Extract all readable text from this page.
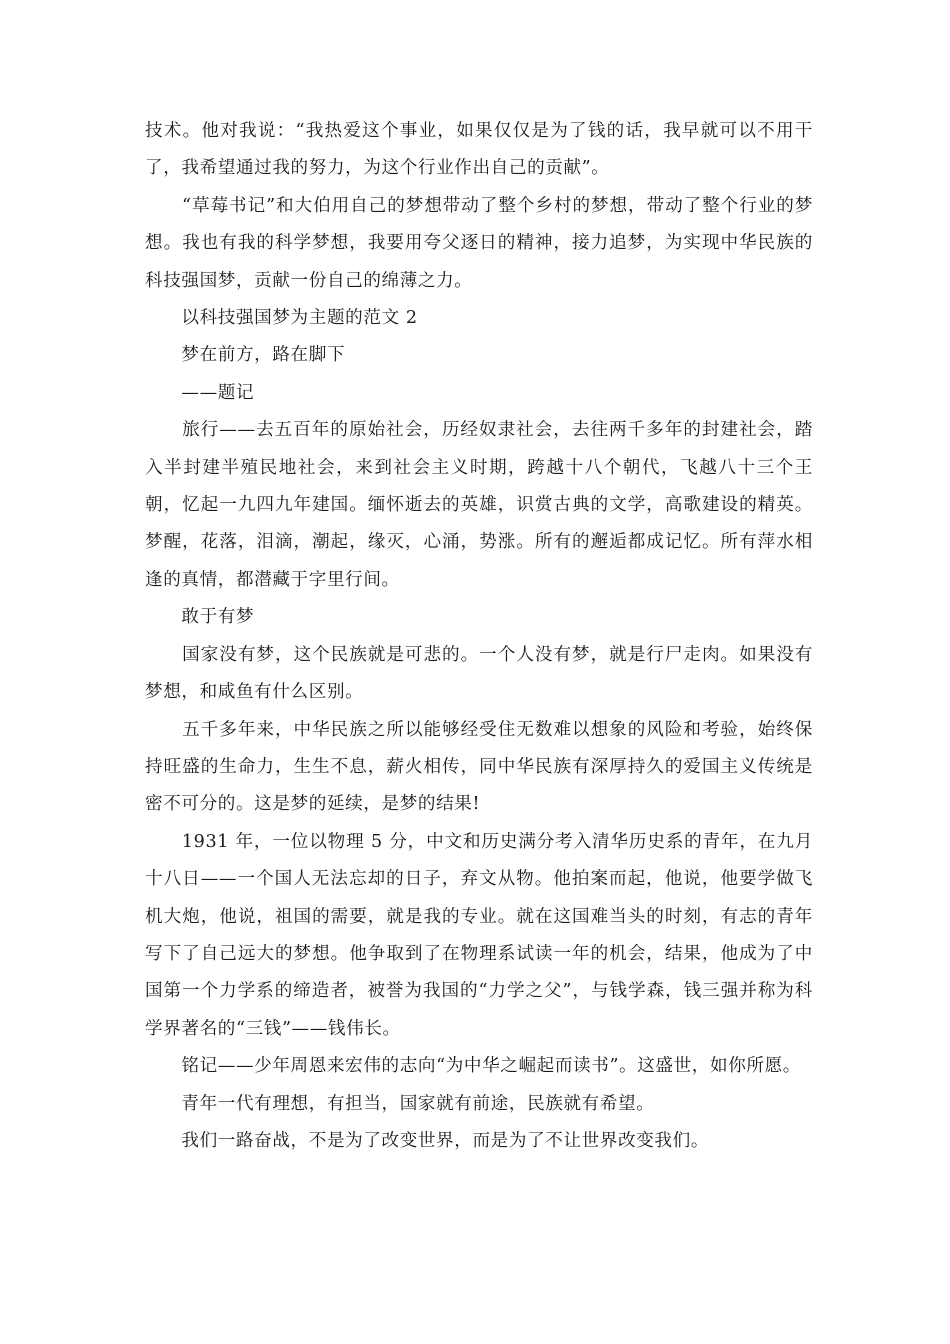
技术。他对我说：“我热爱这个事业，如果仅仅是为了钱的话，我早就可以不用干了，我希望通过我的努力，为这个行业作出自己的贡献”。

　　“草莓书记”和大伯用自己的梦想带动了整个乡村的梦想，带动了整个行业的梦想。我也有我的科学梦想，我要用夸父逐日的精神，接力追梦，为实现中华民族的科技强国梦，贡献一份自己的绵薄之力。

　　以科技强国梦为主题的范文 2

　　梦在前方，路在脚下

　　——题记

　　旅行——去五百年的原始社会，历经奴隶社会，去往两千多年的封建社会，踏入半封建半殖民地社会，来到社会主义时期，跨越十八个朝代，飞越八十三个王朝，忆起一九四九年建国。缅怀逝去的英雄，识赏古典的文学，高歌建设的精英。梦醒，花落，泪滴，潮起，缘灭，心涌，势涨。所有的邂逅都成记忆。所有萍水相逢的真情，都潜藏于字里行间。

　　敢于有梦

　　国家没有梦，这个民族就是可悲的。一个人没有梦，就是行尸走肉。如果没有梦想，和咸鱼有什么区别。

　　五千多年来，中华民族之所以能够经受住无数难以想象的风险和考验，始终保持旺盛的生命力，生生不息，薪火相传，同中华民族有深厚持久的爱国主义传统是密不可分的。这是梦的延续，是梦的结果!

　　1931 年，一位以物理 5 分，中文和历史满分考入清华历史系的青年，在九月十八日——一个国人无法忘却的日子，弃文从物。他拍案而起，他说，他要学做飞机大炮，他说，祖国的需要，就是我的专业。就在这国难当头的时刻，有志的青年写下了自己远大的梦想。他争取到了在物理系试读一年的机会，结果，他成为了中国第一个力学系的缔造者，被誉为我国的“力学之父”，与钱学森，钱三强并称为科学界著名的“三钱”——钱伟长。

　　铭记——少年周恩来宏伟的志向“为中华之崛起而读书”。这盛世，如你所愿。

　　青年一代有理想，有担当，国家就有前途，民族就有希望。

　　我们一路奋战，不是为了改变世界，而是为了不让世界改变我们。
